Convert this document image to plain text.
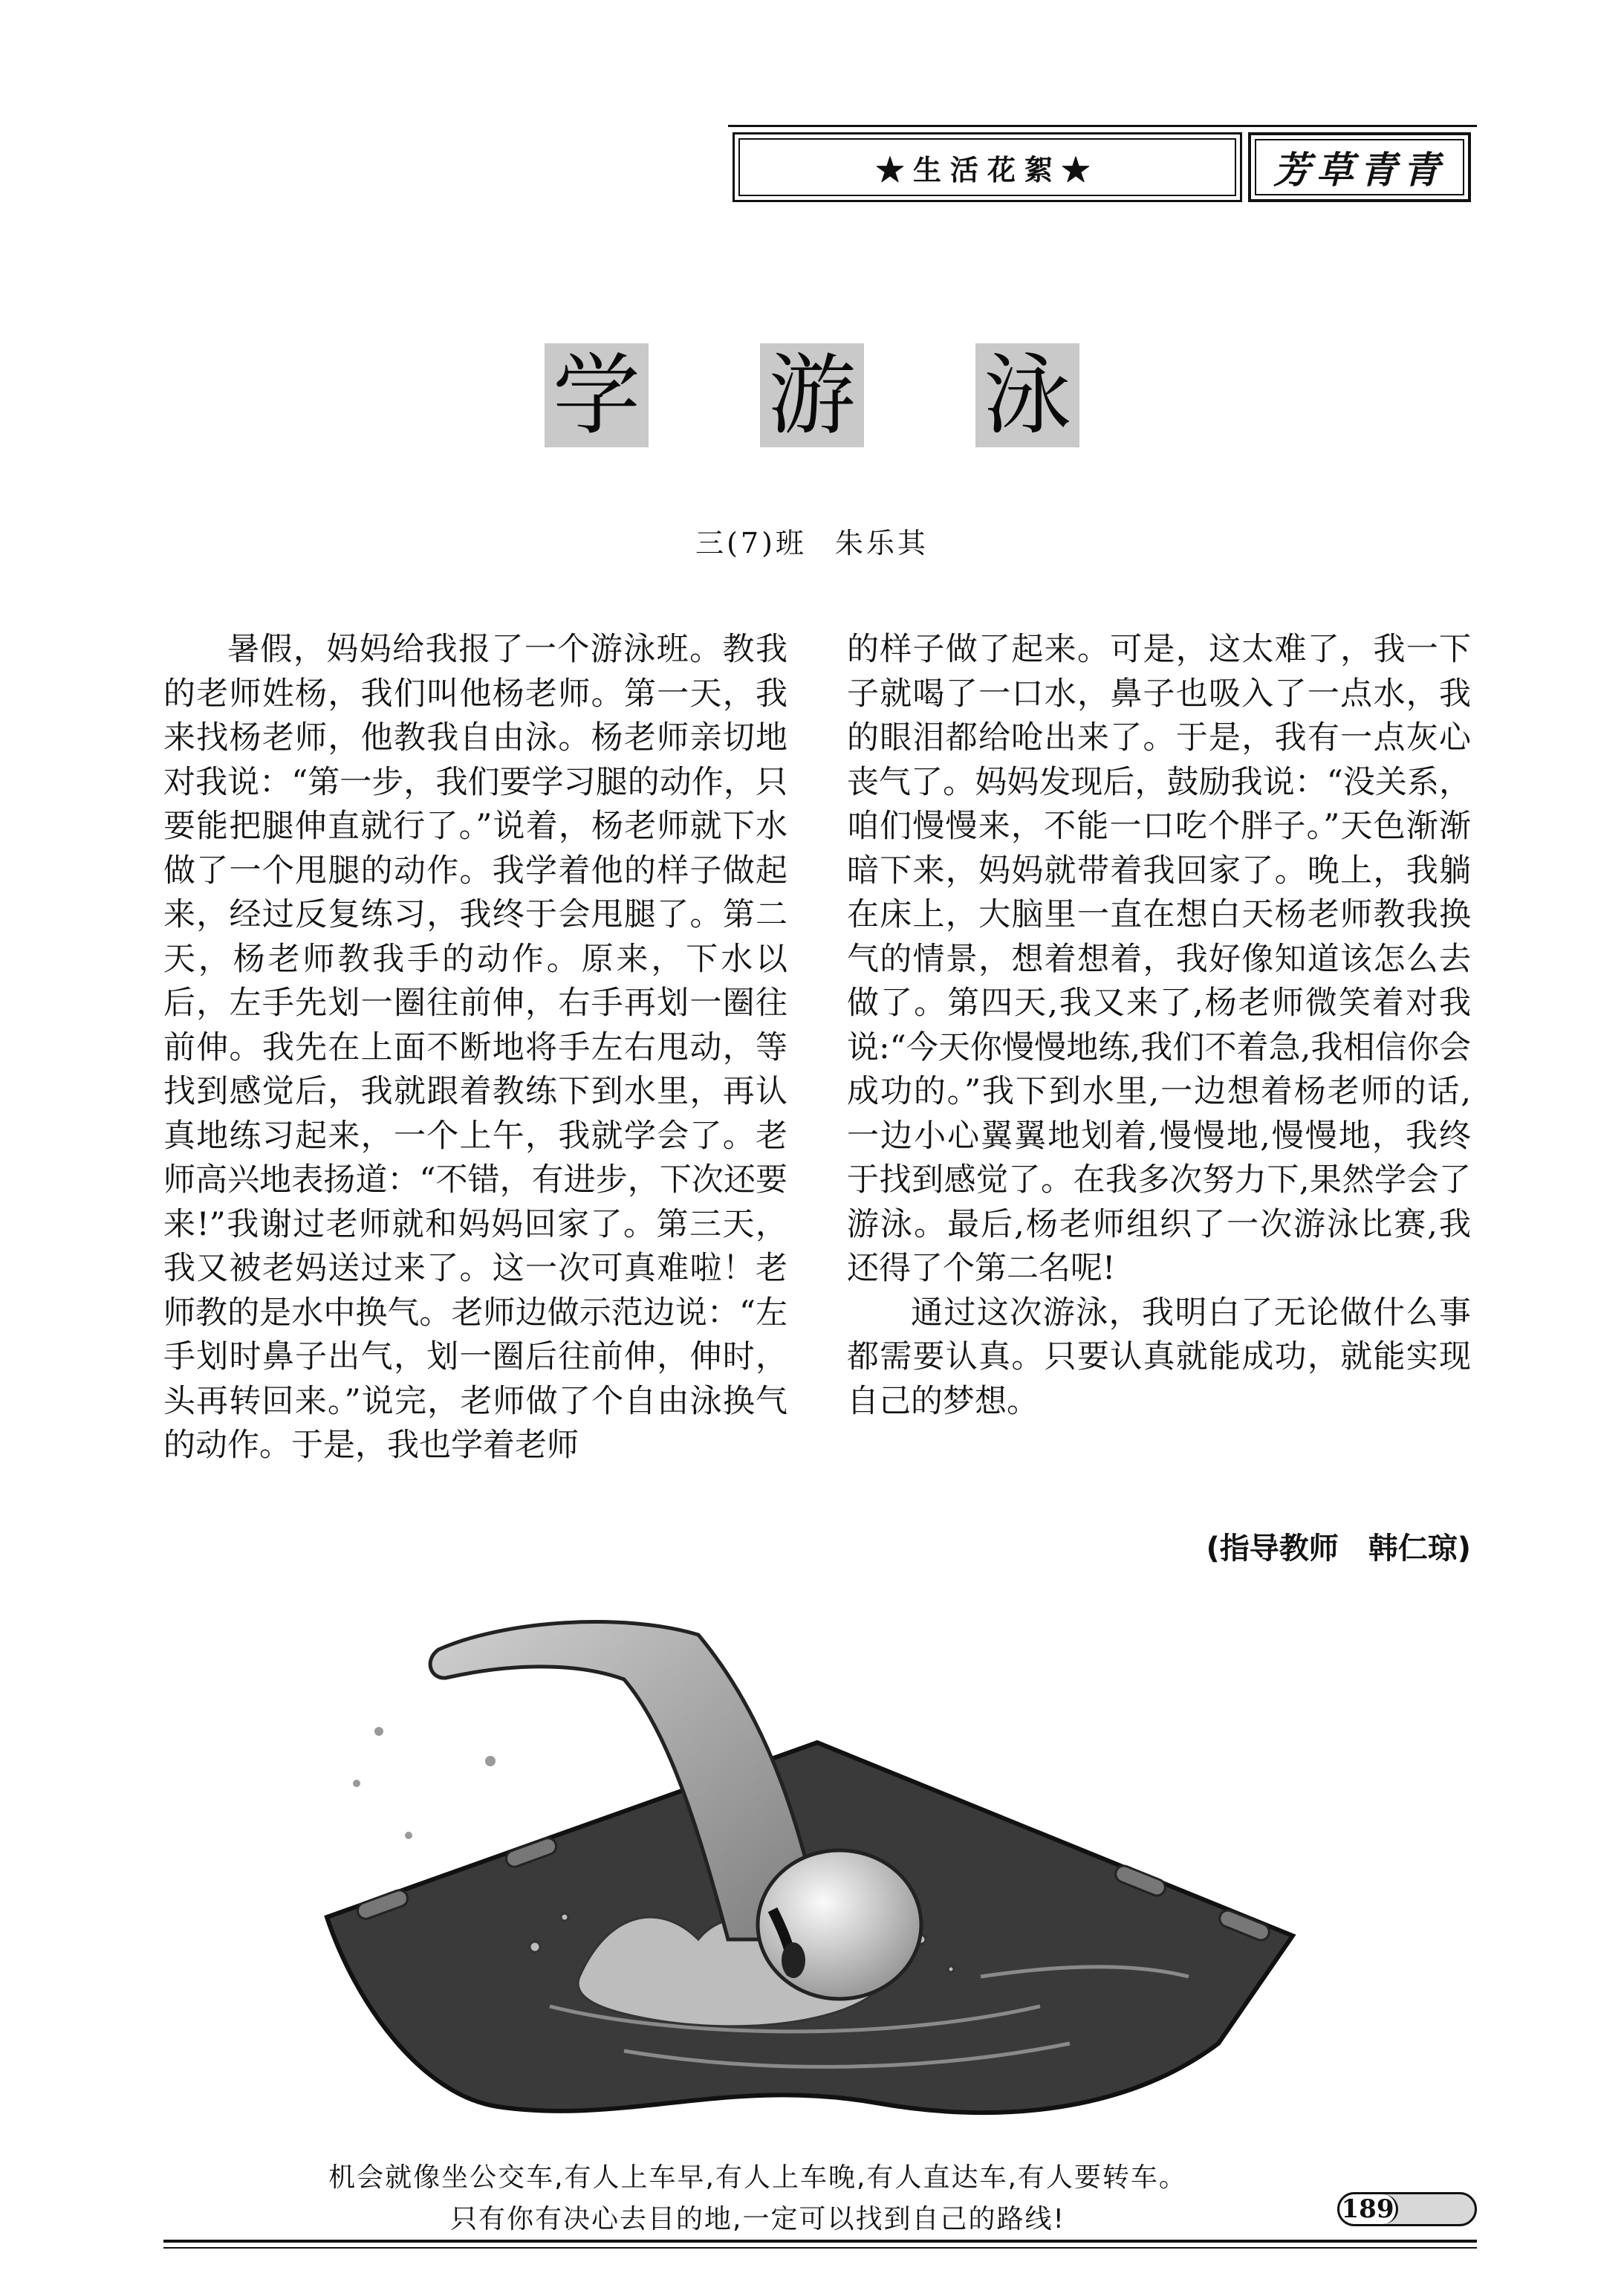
★生活花絮★	芳草青青
学 游 泳
三(7)班 朱乐其

暑假，妈妈给我报了一个游泳班。教我的老师姓杨，我们叫他杨老师。第一天，我来找杨老师，他教我自由泳。杨老师亲切地对我说：“第一步，我们要学习腿的动作，只要能把腿伸直就行了。”说着，杨老师就下水做了一个甩腿的动作。我学着他的样子做起来，经过反复练习，我终于会甩腿了。第二天，杨老师教我手的动作。原来，下水以后，左手先划一圈往前伸，右手再划一圈往前伸。我先在上面不断地将手左右甩动，等找到感觉后，我就跟着教练下到水里，再认真地练习起来，一个上午，我就学会了。老师高兴地表扬道：“不错，有进步，下次还要来!”我谢过老师就和妈妈回家了。第三天，我又被老妈送过来了。这一次可真难啦！老师教的是水中换气。老师边做示范边说：“左手划时鼻子出气，划一圈后往前伸，伸时，头再转回来。”说完，老师做了个自由泳换气的动作。于是，我也学着老师

的样子做了起来。可是，这太难了，我一下子就喝了一口水，鼻子也吸入了一点水，我的眼泪都给呛出来了。于是，我有一点灰心丧气了。妈妈发现后，鼓励我说：“没关系，咱们慢慢来，不能一口吃个胖子。”天色渐渐暗下来，妈妈就带着我回家了。晚上，我躺在床上，大脑里一直在想白天杨老师教我换气的情景，想着想着，我好像知道该怎么去做了。第四天,我又来了,杨老师微笑着对我说:“今天你慢慢地练,我们不着急,我相信你会成功的。”我下到水里,一边想着杨老师的话,一边小心翼翼地划着,慢慢地,慢慢地，我终于找到感觉了。在我多次努力下,果然学会了游泳。最后,杨老师组织了一次游泳比赛,我还得了个第二名呢!

通过这次游泳，我明白了无论做什么事都需要认真。只要认真就能成功，就能实现自己的梦想。

(指导教师　韩仁琼)
机会就像坐公交车,有人上车早,有人上车晚,有人直达车,有人要转车。
只有你有决心去目的地,一定可以找到自己的路线!	189
